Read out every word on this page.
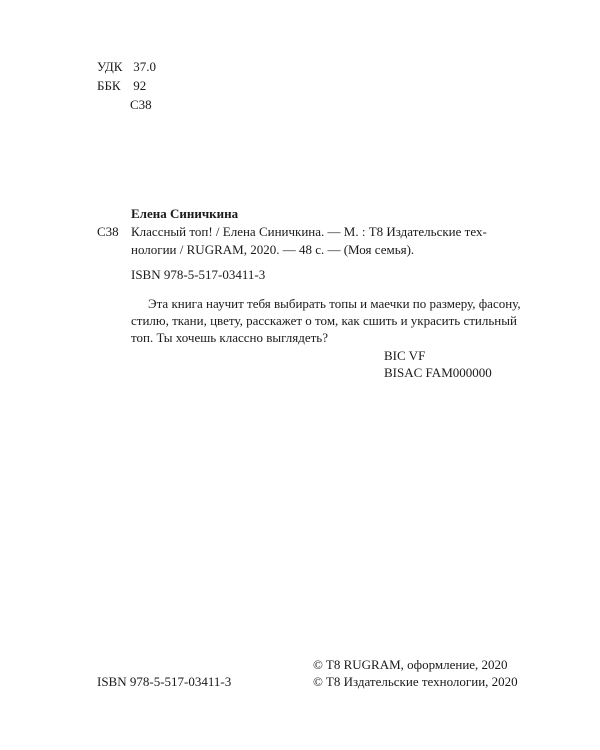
УДК 37.0
ББК 92
С38
Елена Синичкина
С38 Классный топ! / Елена Синичкина. — М. : Т8 Издательские тех-
нологии / RUGRAM, 2020. — 48 с. — (Моя семья).
ISBN 978-5-517-03411-3
Эта книга научит тебя выбирать топы и маечки по размеру, фасону,
стилю, ткани, цвету, расскажет о том, как сшить и украсить стильный
топ. Ты хочешь классно выглядеть?
BIC VF
BISAC FAM000000
ISBN 978-5-517-03411-3
© T8 RUGRAM, оформление, 2020
© T8 Издательские технологии, 2020
